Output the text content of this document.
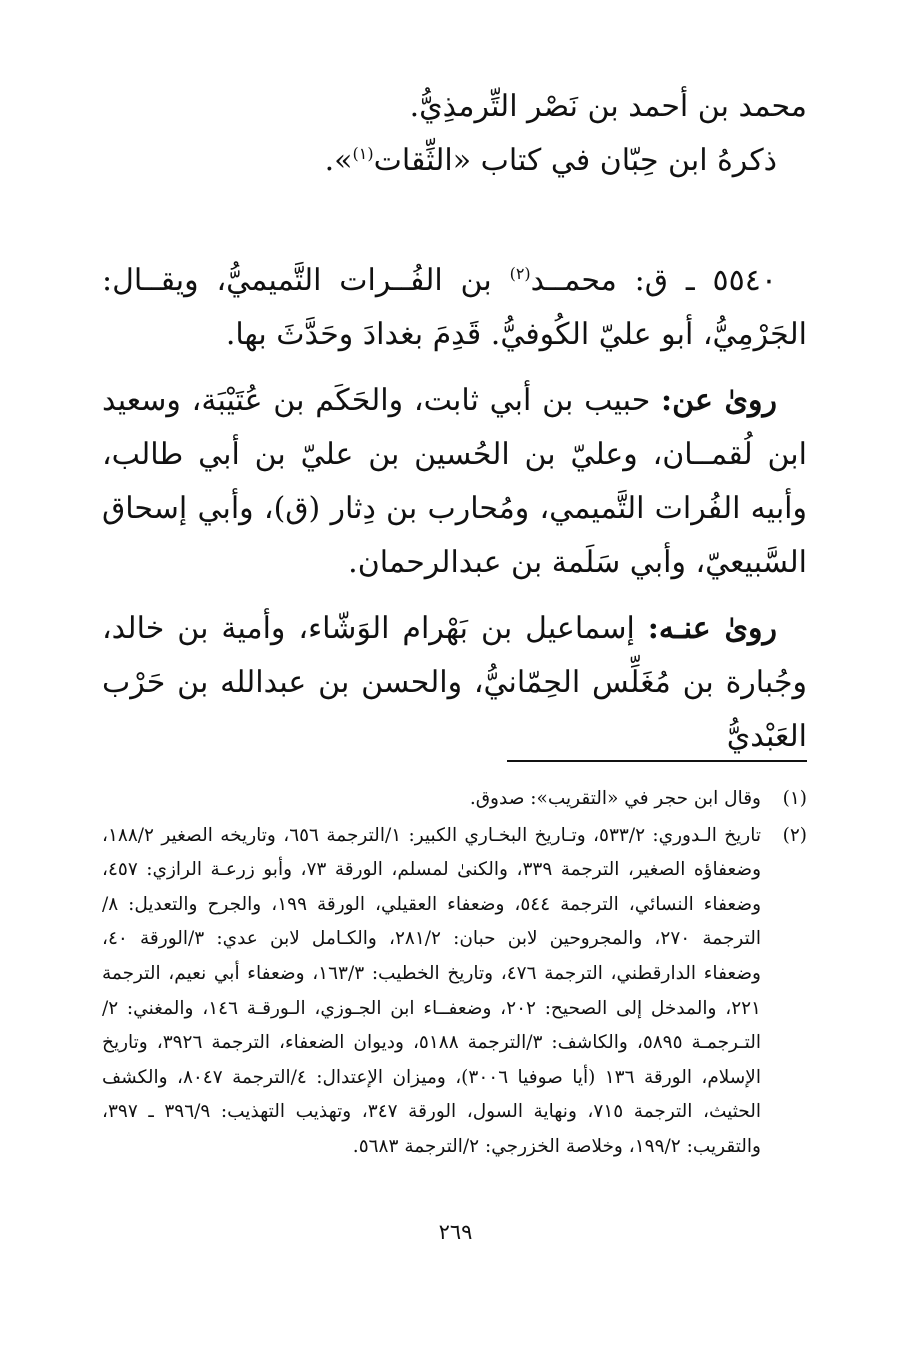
محمد بن أحمد بن نَصْر التِّرمذِيُّ.
ذكرهُ ابن حِبّان في كتاب «الثِّقات$^{(١)}$».

٥٥٤٠ ـ ق: محمــد$^{(٢)}$ بن الفُــرات التَّميميُّ، ويقــال: الجَرْمِيُّ، أبو عليّ الكُوفيُّ. قَدِمَ بغدادَ وحَدَّثَ بها.

روىٰ عن: حبيب بن أبي ثابت، والحَكَم بن عُتَيْبَة، وسعيد ابن لُقمــان، وعليّ بن الحُسين بن عليّ بن أبي طالب، وأبيه الفُرات التَّميمي، ومُحارب بن دِثار (ق)، وأبي إسحاق السَّبيعيّ، وأبي سَلَمة بن عبدالرحمان.

روىٰ عنـه: إسماعيل بن بَهْرام الوَشّاء، وأمية بن خالد، وجُبارة بن مُغَلِّس الحِمّانيُّ، والحسن بن عبدالله بن حَرْب العَبْديُّ

(١)
وقال ابن حجر في «التقريب»: صدوق.
(٢)
تاريخ الـدوري: ٥٣٣/٢، وتـاريخ البخـاري الكبير: ١/الترجمة ٦٥٦، وتاريخه الصغير ١٨٨/٢، وضعفاؤه الصغير، الترجمة ٣٣٩، والكنىٰ لمسلم، الورقة ٧٣، وأبو زرعـة الرازي: ٤٥٧، وضعفاء النسائي، الترجمة ٥٤٤، وضعفاء العقيلي، الورقة ١٩٩، والجرح والتعديل: ٨/الترجمة ٢٧٠، والمجروحين لابن حبان: ٢٨١/٢، والكـامل لابن عدي: ٣/الورقة ٤٠، وضعفاء الدارقطني، الترجمة ٤٧٦، وتاريخ الخطيب: ١٦٣/٣، وضعفاء أبي نعيم، الترجمة ٢٢١، والمدخل إلى الصحيح: ٢٠٢، وضعفــاء ابن الجـوزي، الـورقـة ١٤٦، والمغني: ٢/التـرجمـة ٥٨٩٥، والكاشف: ٣/الترجمة ٥١٨٨، وديوان الضعفاء، الترجمة ٣٩٢٦، وتاريخ الإسلام، الورقة ١٣٦ (أيا صوفيا ٣٠٠٦)، وميزان الإعتدال: ٤/الترجمة ٨٠٤٧، والكشف الحثيث، الترجمة ٧١٥، ونهاية السول، الورقة ٣٤٧، وتهذيب التهذيب: ٣٩٦/٩ ـ ٣٩٧، والتقريب: ١٩٩/٢، وخلاصة الخزرجي: ٢/الترجمة ٥٦٨٣.
٢٦٩
